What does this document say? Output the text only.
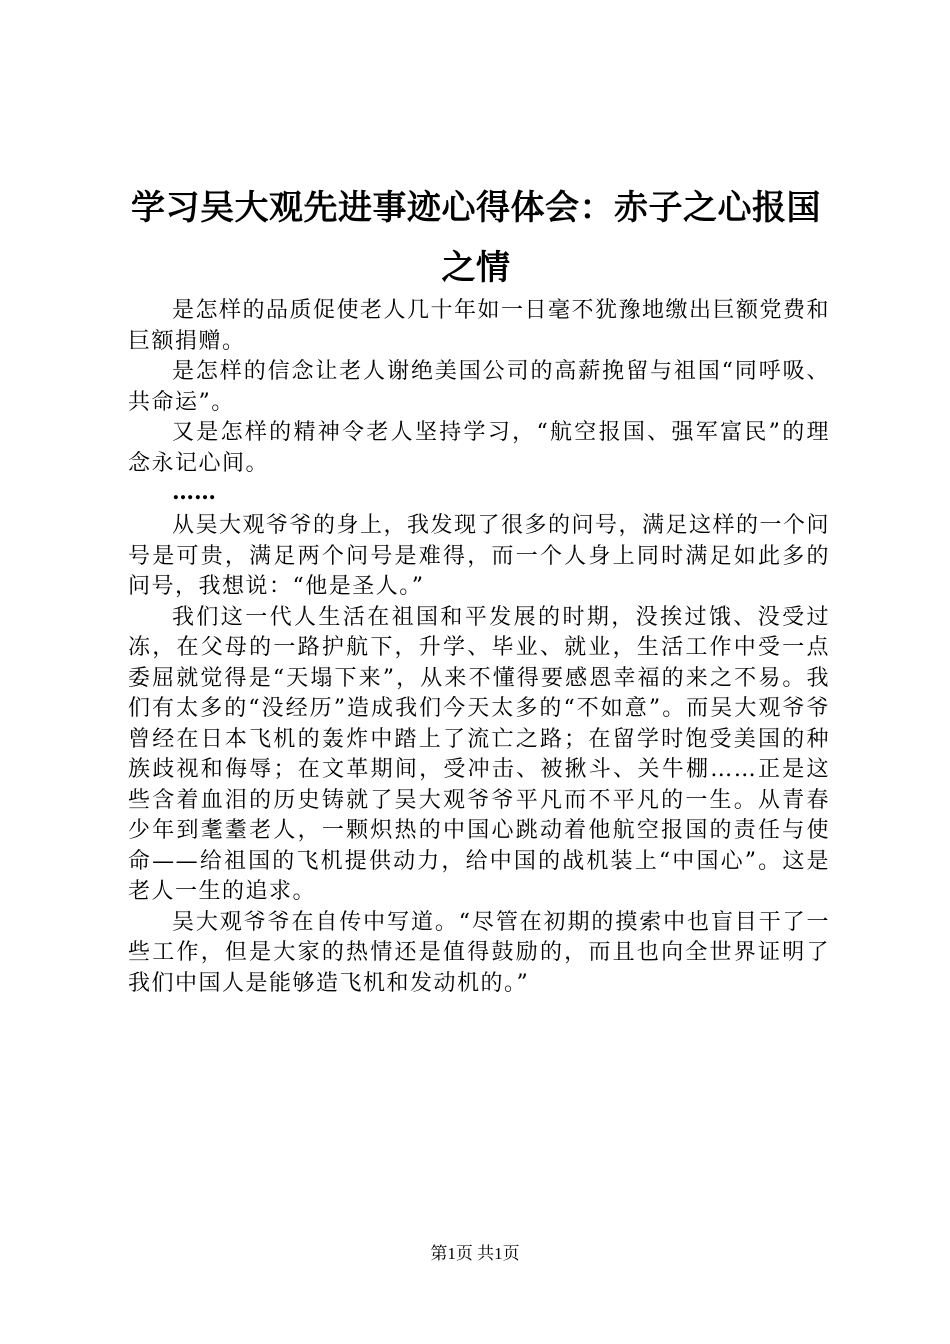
学习吴大观先进事迹心得体会：赤子之心报国之情

是怎样的品质促使老人几十年如一日毫不犹豫地缴出巨额党费和巨额捐赠。

是怎样的信念让老人谢绝美国公司的高薪挽留与祖国“同呼吸、共命运”。

又是怎样的精神令老人坚持学习，“航空报国、强军富民”的理念永记心间。

……

从吴大观爷爷的身上，我发现了很多的问号，满足这样的一个问号是可贵，满足两个问号是难得，而一个人身上同时满足如此多的问号，我想说：“他是圣人。”

我们这一代人生活在祖国和平发展的时期，没挨过饿、没受过冻，在父母的一路护航下，升学、毕业、就业，生活工作中受一点委屈就觉得是“天塌下来”，从来不懂得要感恩幸福的来之不易。我们有太多的“没经历”造成我们今天太多的“不如意”。而吴大观爷爷曾经在日本飞机的轰炸中踏上了流亡之路；在留学时饱受美国的种族歧视和侮辱；在文革期间，受冲击、被揪斗、关牛棚……正是这些含着血泪的历史铸就了吴大观爷爷平凡而不平凡的一生。从青春少年到耄耋老人，一颗炽热的中国心跳动着他航空报国的责任与使命——给祖国的飞机提供动力，给中国的战机装上“中国心”。这是老人一生的追求。

吴大观爷爷在自传中写道。“尽管在初期的摸索中也盲目干了一些工作，但是大家的热情还是值得鼓励的，而且也向全世界证明了我们中国人是能够造飞机和发动机的。”

第1页 共1页
